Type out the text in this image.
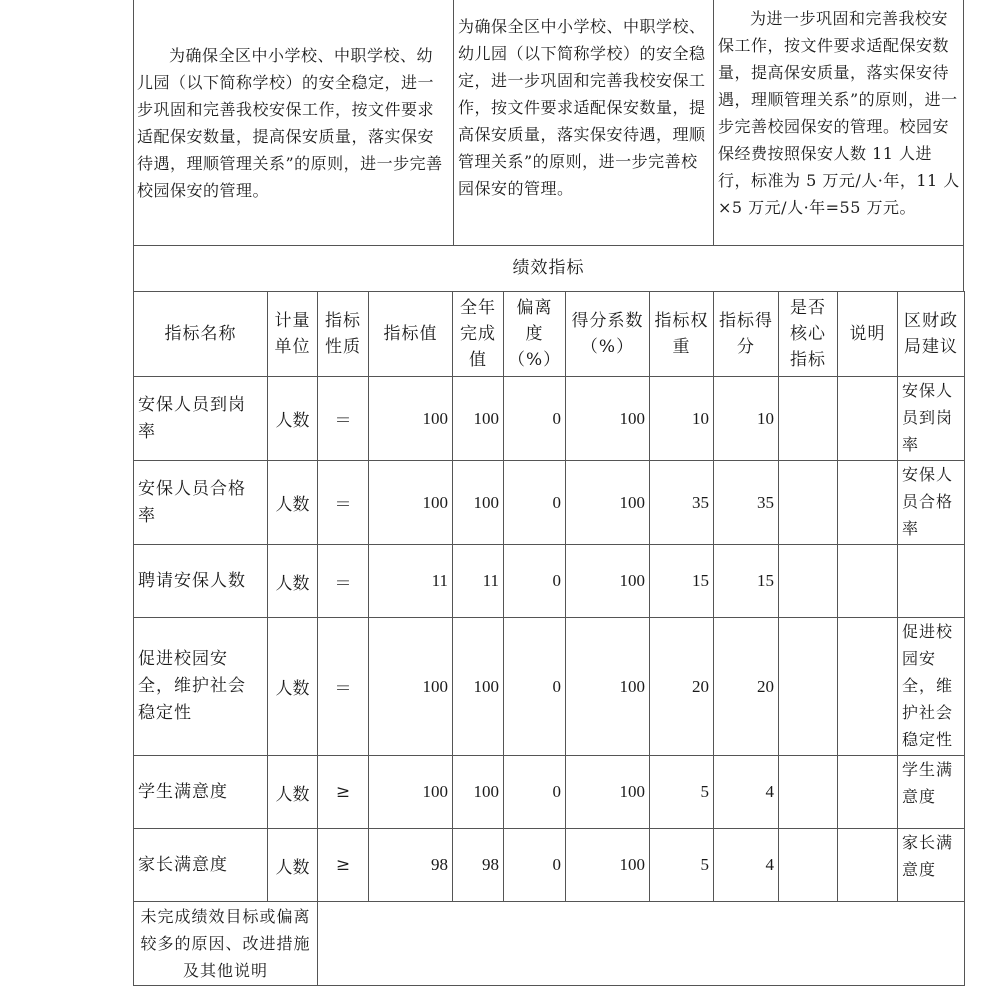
为确保全区中小学校、中职学校、幼儿园（以下简称学校）的安全稳定，进一步巩固和完善我校安保工作，按文件要求适配保安数量，提高保安质量，落实保安待遇，理顺管理关系”的原则，进一步完善校园保安的管理。
为确保全区中小学校、中职学校、幼儿园（以下简称学校）的安全稳定，进一步巩固和完善我校安保工作，按文件要求适配保安数量，提高保安质量，落实保安待遇，理顺管理关系”的原则，进一步完善校园保安的管理。
为进一步巩固和完善我校安保工作，按文件要求适配保安数量，提高保安质量，落实保安待遇，理顺管理关系”的原则，进一步完善校园保安的管理。校园安保经费按照保安人数 11 人进行，标准为 5 万元/人·年，11 人×5 万元/人·年=55 万元。
绩效指标
指标名称	计量单位	指标性质	指标值	全年完成值	偏离度（%）	得分系数（%）	指标权重	指标得分	是否核心指标	说明	区财政局建议
安保人员到岗率	人数	＝	100	100	0	100	10	10			安保人员到岗率
安保人员合格率	人数	＝	100	100	0	100	35	35			安保人员合格率
聘请安保人数	人数	＝	11	11	0	100	15	15			
促进校园安全，维护社会稳定性	人数	＝	100	100	0	100	20	20			促进校园安全，维护社会稳定性
学生满意度	人数	≥	100	100	0	100	5	4			学生满意度
家长满意度	人数	≥	98	98	0	100	5	4			家长满意度
未完成绩效目标或偏离较多的原因、改进措施及其他说明											
